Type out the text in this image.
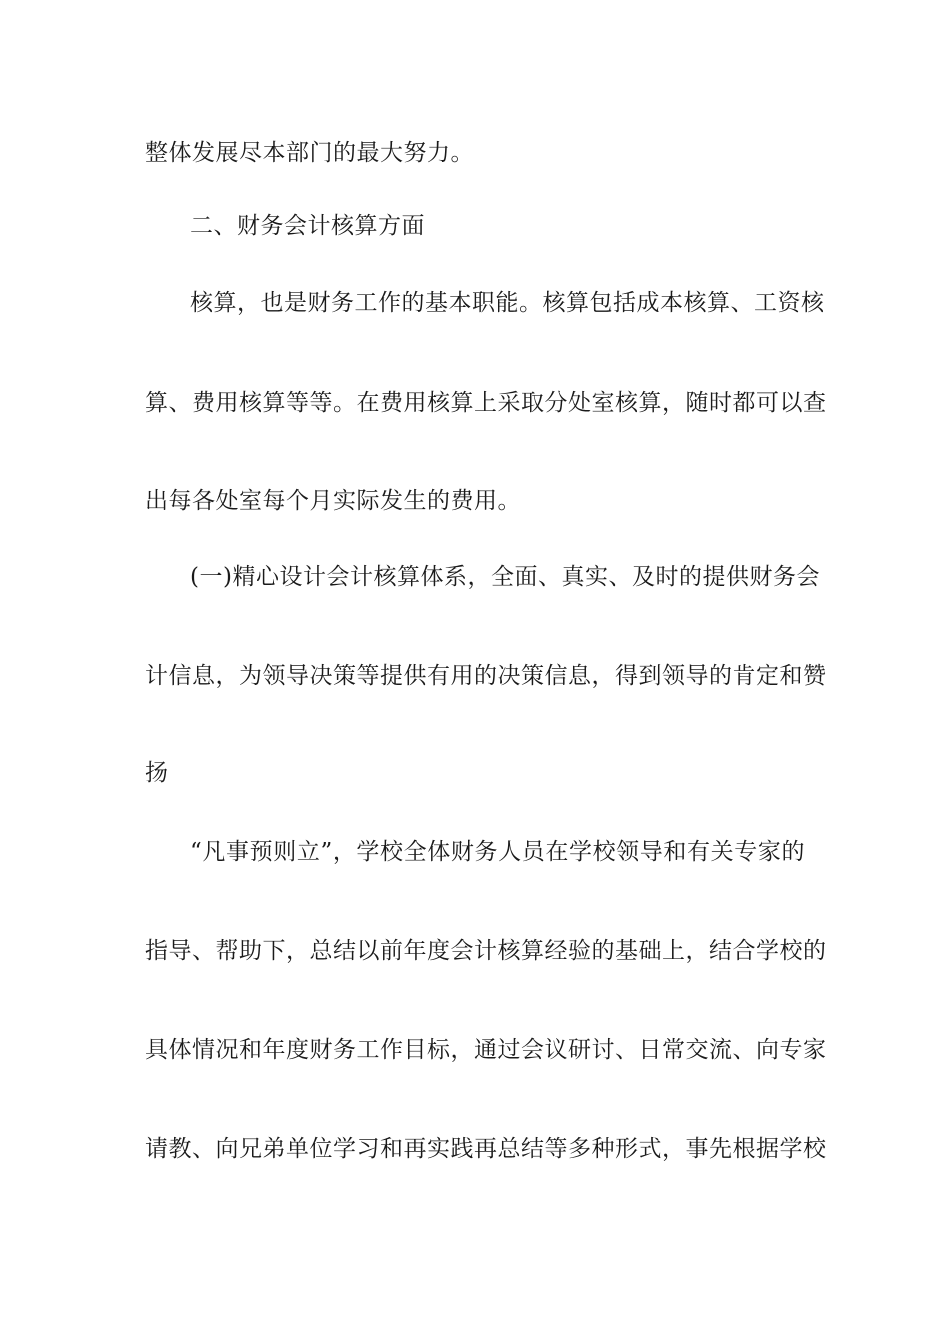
整体发展尽本部门的最大努力。
二、财务会计核算方面
核算，也是财务工作的基本职能。核算包括成本核算、工资核
算、费用核算等等。在费用核算上采取分处室核算，随时都可以查
出每各处室每个月实际发生的费用。
(一)精心设计会计核算体系，全面、真实、及时的提供财务会
计信息，为领导决策等提供有用的决策信息，得到领导的肯定和赞
扬
“凡事预则立”，学校全体财务人员在学校领导和有关专家的
指导、帮助下，总结以前年度会计核算经验的基础上，结合学校的
具体情况和年度财务工作目标，通过会议研讨、日常交流、向专家
请教、向兄弟单位学习和再实践再总结等多种形式，事先根据学校
